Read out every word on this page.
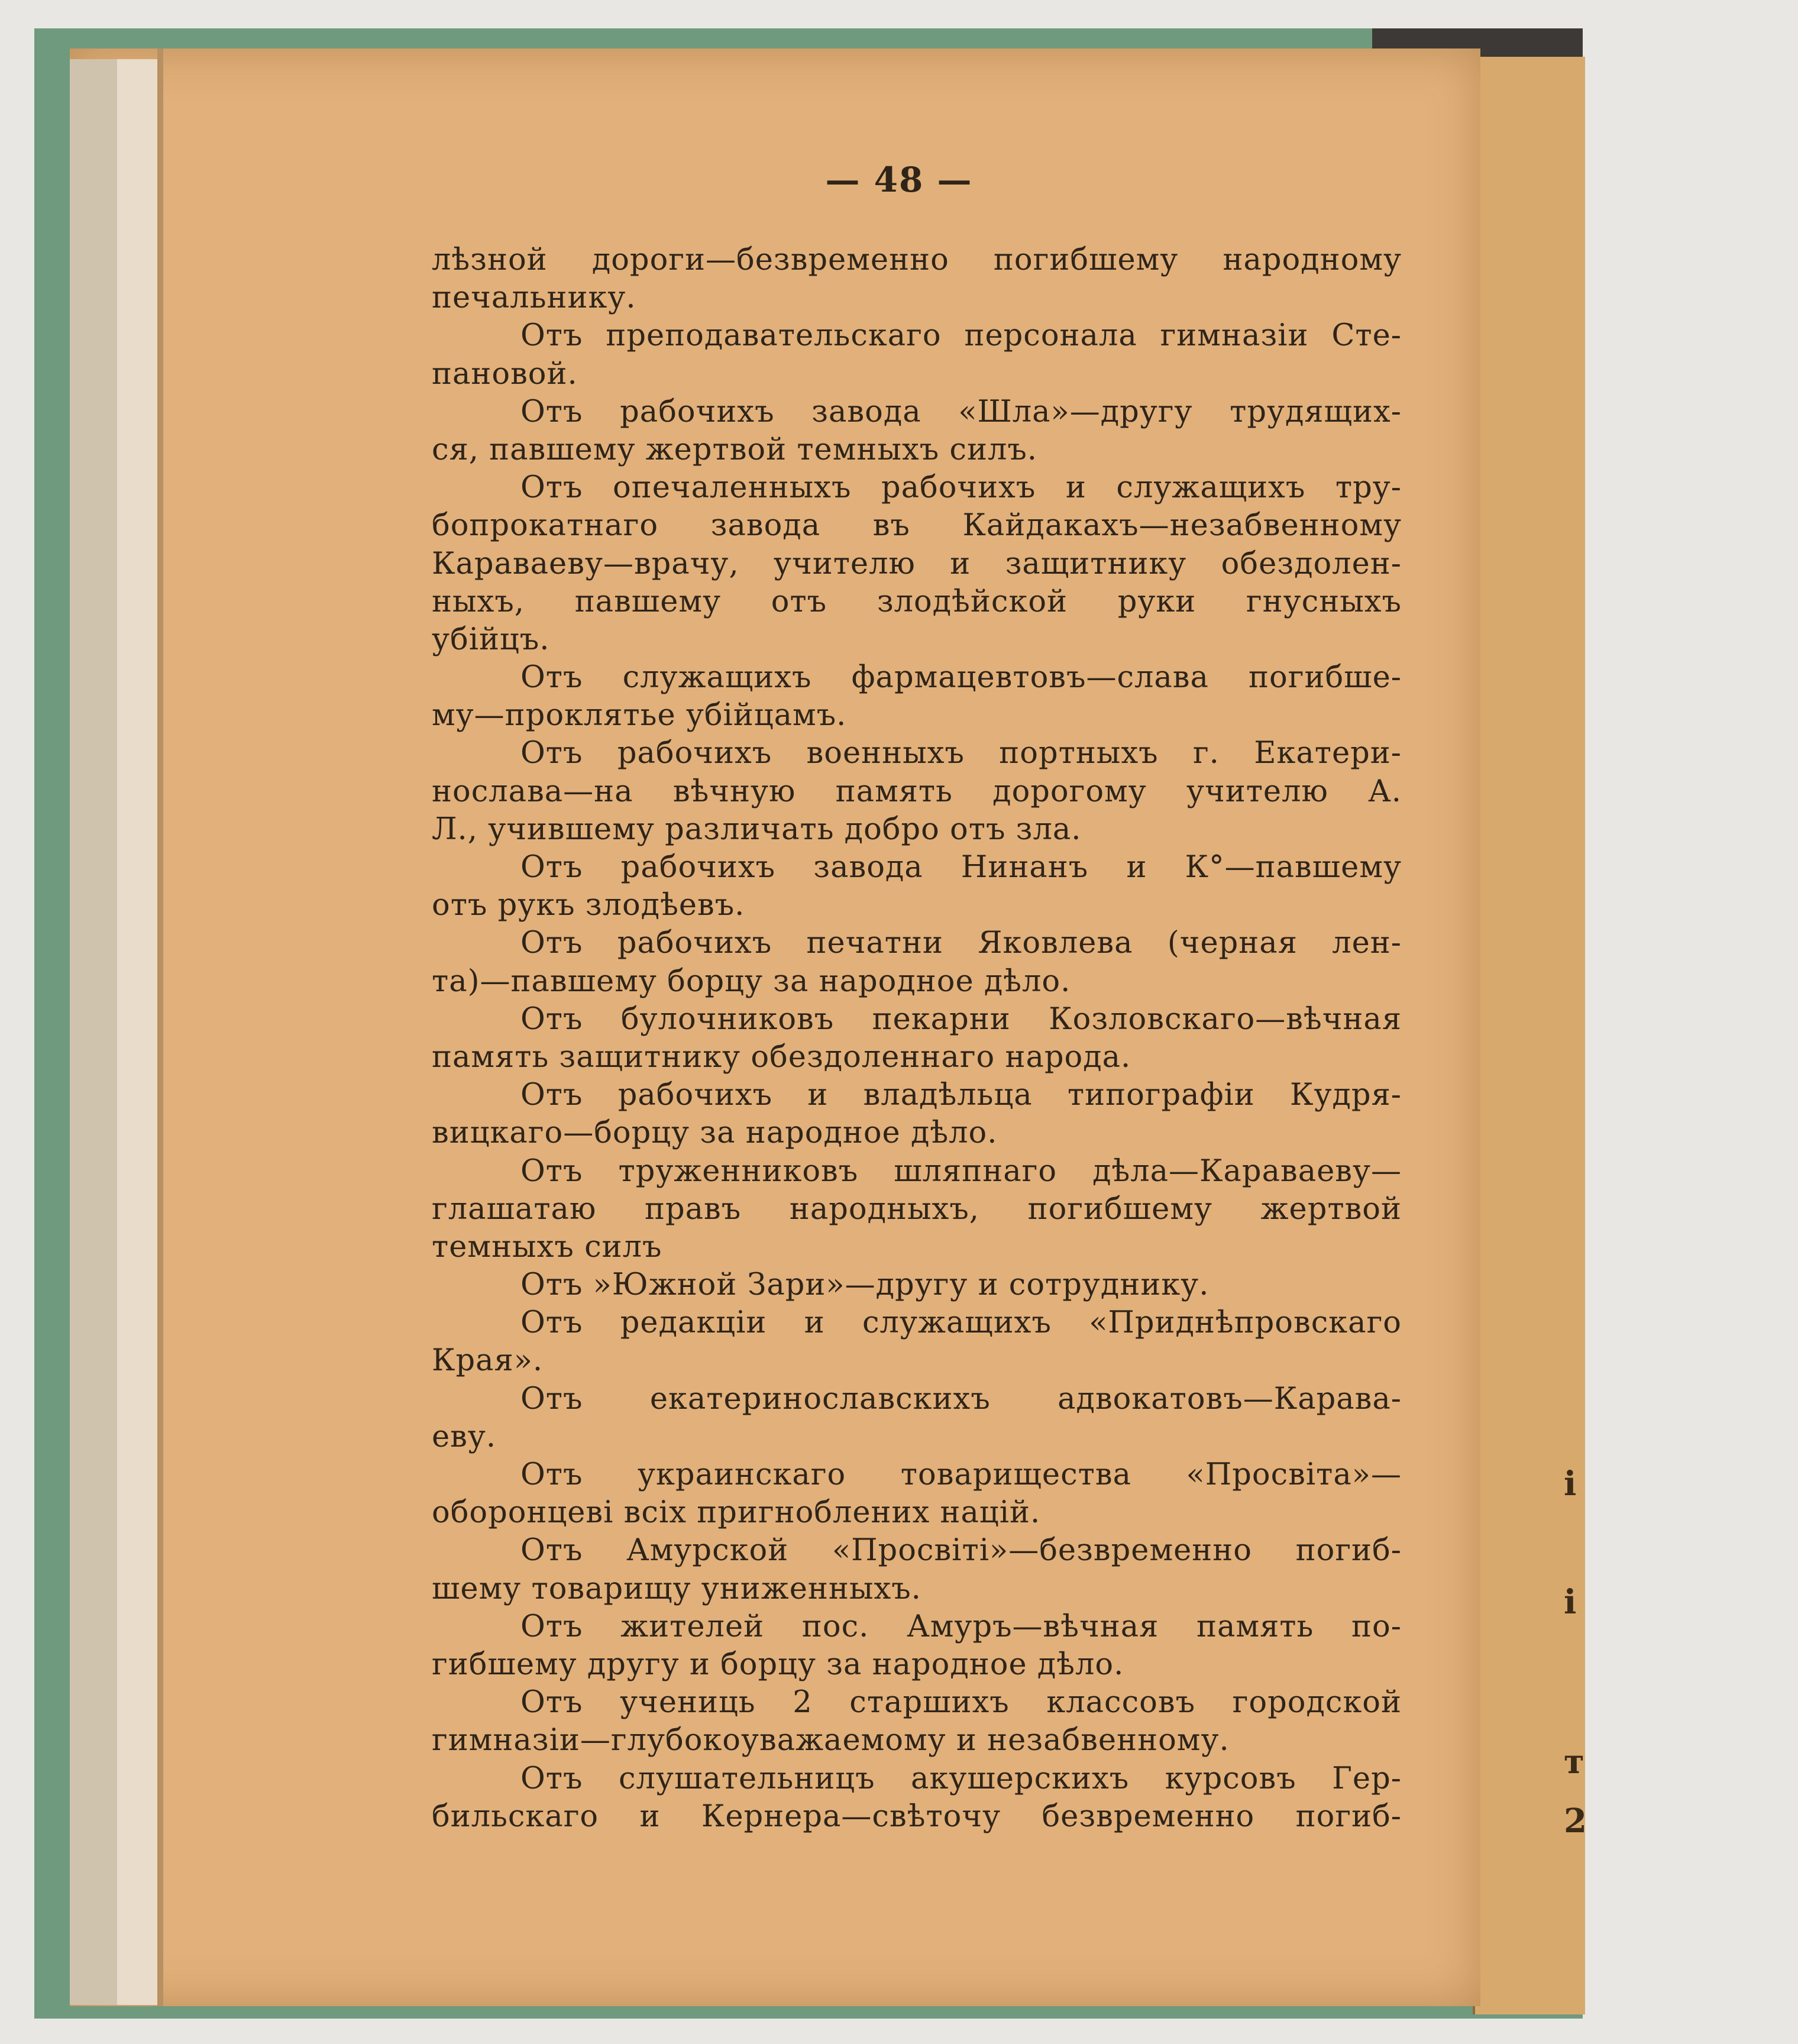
і
і
т
2
— 48 —
лѣзной дороги—безвременно погибшему народному
печальнику.
Отъ преподавательскаго персонала гимназіи Сте-
пановой.
Отъ рабочихъ завода «Шла»—другу трудящих-
ся, павшему жертвой темныхъ силъ.
Отъ опечаленныхъ рабочихъ и служащихъ тру-
бопрокатнаго завода въ Кайдакахъ—незабвенному
Караваеву—врачу, учителю и защитнику обездолен-
ныхъ, павшему отъ злодѣйской руки гнусныхъ
убійцъ.
Отъ служащихъ фармацевтовъ—слава погибше-
му—проклятье убійцамъ.
Отъ рабочихъ военныхъ портныхъ г. Екатери-
нослава—на вѣчную память дорогому учителю А.
Л., учившему различать добро отъ зла.
Отъ рабочихъ завода Нинанъ и К°—павшему
отъ рукъ злодѣевъ.
Отъ рабочихъ печатни Яковлева (черная лен-
та)—павшему борцу за народное дѣло.
Отъ булочниковъ пекарни Козловскаго—вѣчная
память защитнику обездоленнаго народа.
Отъ рабочихъ и владѣльца типографіи Кудря-
вицкаго—борцу за народное дѣло.
Отъ труженниковъ шляпнаго дѣла—Караваеву—
глашатаю правъ народныхъ, погибшему жертвой
темныхъ силъ
Отъ »Южной Зари»—другу и сотруднику.
Отъ редакціи и служащихъ «Приднѣпровскаго
Края».
Отъ екатеринославскихъ адвокатовъ—Карава-
еву.
Отъ украинскаго товарищества «Просвіта»—
оборонцеві всіх пригноблених націй.
Отъ Амурской «Просвіті»—безвременно погиб-
шему товарищу униженныхъ.
Отъ жителей пос. Амуръ—вѣчная память по-
гибшему другу и борцу за народное дѣло.
Отъ учениць 2 старшихъ классовъ городской
гимназіи—глубокоуважаемому и незабвенному.
Отъ слушательницъ акушерскихъ курсовъ Гер-
бильскаго и Кернера—свѣточу безвременно погиб-
